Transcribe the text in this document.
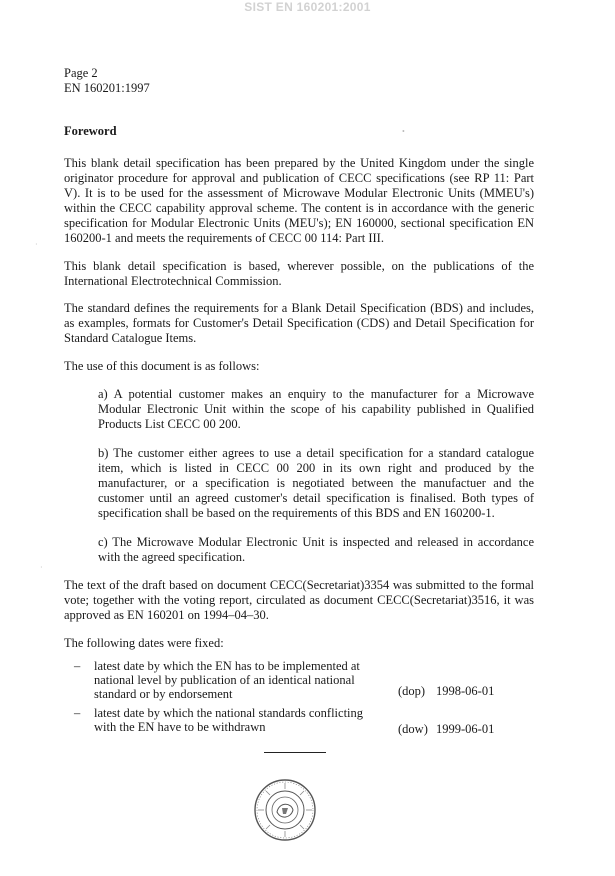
SIST EN 160201:2001
Page 2
EN 160201:1997
Foreword

This blank detail specification has been prepared by the United Kingdom under the single originator procedure for approval and publication of CECC specifications (see RP 11: Part V). It is to be used for the assessment of Microwave Modular Electronic Units (MMEU's) within the CECC capability approval scheme. The content is in accordance with the generic specification for Modular Electronic Units (MEU's); EN 160000, sectional specification EN 160200-1 and meets the requirements of CECC 00 114: Part III.

This blank detail specification is based, wherever possible, on the publications of the International Electrotechnical Commission.

The standard defines the requirements for a Blank Detail Specification (BDS) and includes, as examples, formats for Customer's Detail Specification (CDS) and Detail Specification for Standard Catalogue Items.

The use of this document is as follows:

a) A potential customer makes an enquiry to the manufacturer for a Microwave Modular Electronic Unit within the scope of his capability published in Qualified Products List CECC 00 200.

b) The customer either agrees to use a detail specification for a standard catalogue item, which is listed in CECC 00 200 in its own right and produced by the manufacturer, or a specification is negotiated between the manufactuer and the customer until an agreed customer's detail specification is finalised. Both types of specification shall be based on the requirements of this BDS and EN 160200-1.

c) The Microwave Modular Electronic Unit is inspected and released in accordance with the agreed specification.

The text of the draft based on document CECC(Secretariat)3354 was submitted to the formal vote; together with the voting report, circulated as document CECC(Secretariat)3516, it was approved as EN 160201 on 1994–04–30.

The following dates were fixed:

– latest date by which the EN has to be implemented at national level by publication of an identical national standard or by endorsement	(dop) 1998-06-01
– latest date by which the national standards conflicting with the EN have to be withdrawn	(dow) 1999-06-01
•
·
·
